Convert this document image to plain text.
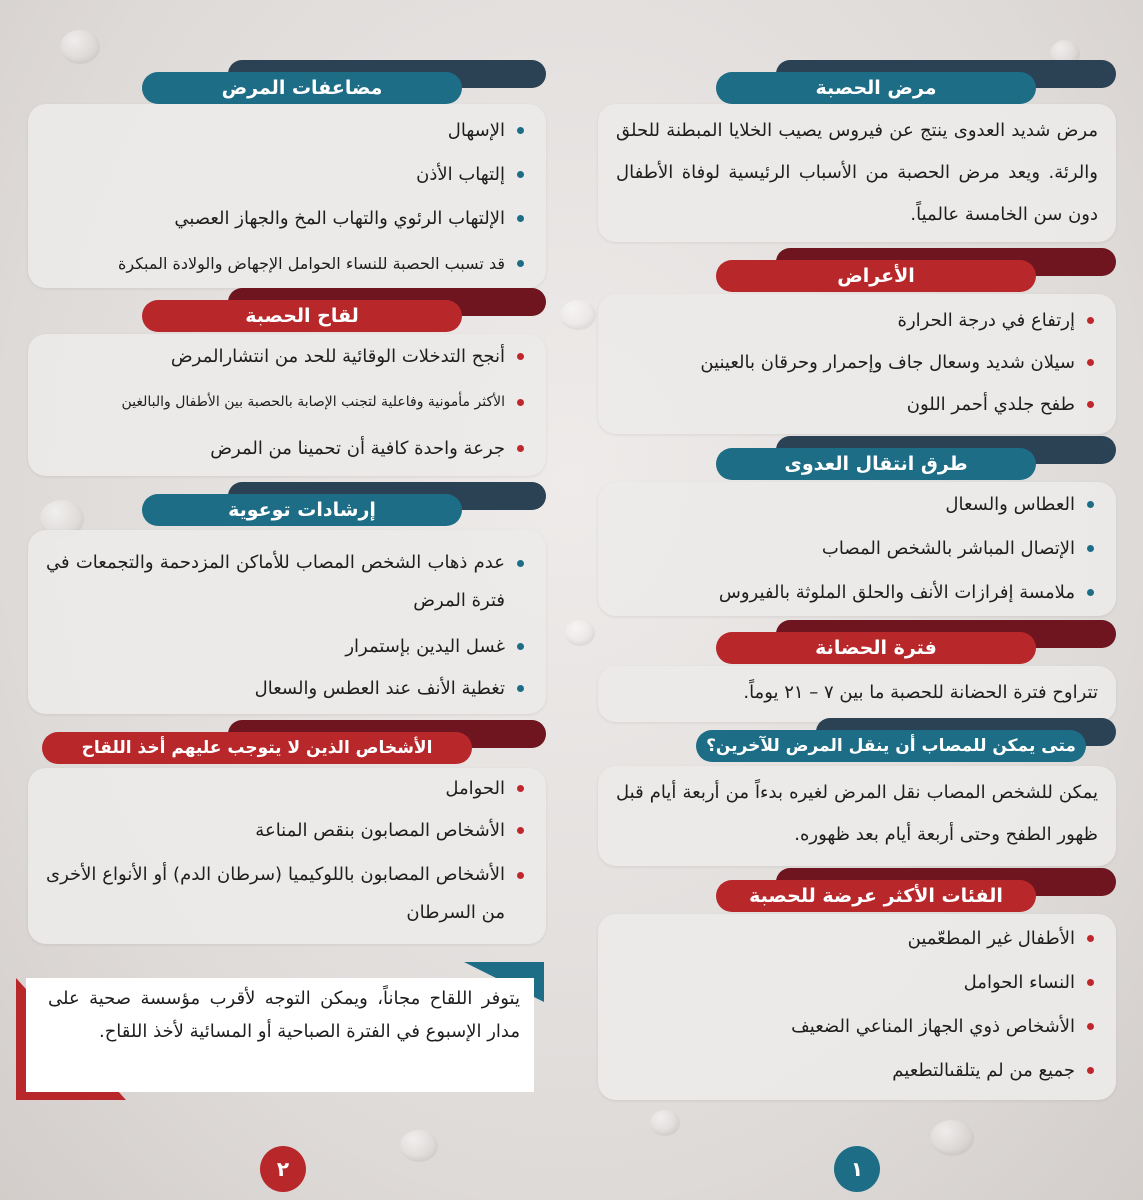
مرض الحصبة
مرض شديد العدوى ينتج عن فيروس يصيب الخلايا المبطنة للحلق والرئة. ويعد مرض الحصبة من الأسباب الرئيسية لوفاة الأطفال دون سن الخامسة عالمياً.
الأعراض
إرتفاع في درجة الحرارة
سيلان شديد وسعال جاف وإحمرار وحرقان بالعينين
طفح جلدي أحمر اللون
طرق انتقال العدوى
العطاس والسعال
الإتصال المباشر بالشخص المصاب
ملامسة إفرازات الأنف والحلق الملوثة بالفيروس
فترة الحضانة
تتراوح فترة الحضانة للحصبة ما بين ٧ – ٢١ يوماً.
متى يمكن للمصاب أن ينقل المرض للآخرين؟
يمكن للشخص المصاب نقل المرض لغيره بدءاً من أربعة أيام قبل ظهور الطفح وحتى أربعة أيام بعد ظهوره.
الفئات الأكثر عرضة للحصبة
الأطفال غير المطعّمين
النساء الحوامل
الأشخاص ذوي الجهاز المناعي الضعيف
جميع من لم يتلقىالتطعيم
١
مضاعفات المرض
الإسهال
إلتهاب الأذن
الإلتهاب الرئوي والتهاب المخ والجهاز العصبي
قد تسبب الحصبة للنساء الحوامل الإجهاض والولادة المبكرة
لقاح الحصبة
أنجح التدخلات الوقائية للحد من انتشارالمرض
الأكثر مأمونية وفاعلية لتجنب الإصابة بالحصبة بين الأطفال والبالغين
جرعة واحدة كافية أن تحمينا من المرض
إرشادات توعوية
عدم ذهاب الشخص المصاب للأماكن المزدحمة والتجمعات في فترة المرض
غسل اليدين بإستمرار
تغطية الأنف عند العطس والسعال
الأشخاص الذين لا يتوجب عليهم أخذ اللقاح
الحوامل
الأشخاص المصابون بنقص المناعة
الأشخاص المصابون باللوكيميا (سرطان الدم) أو الأنواع الأخرى من السرطان
٢
يتوفر اللقاح مجاناً، ويمكن التوجه لأقرب مؤسسة صحية على مدار الإسبوع في الفترة الصباحية أو المسائية لأخذ اللقاح.
